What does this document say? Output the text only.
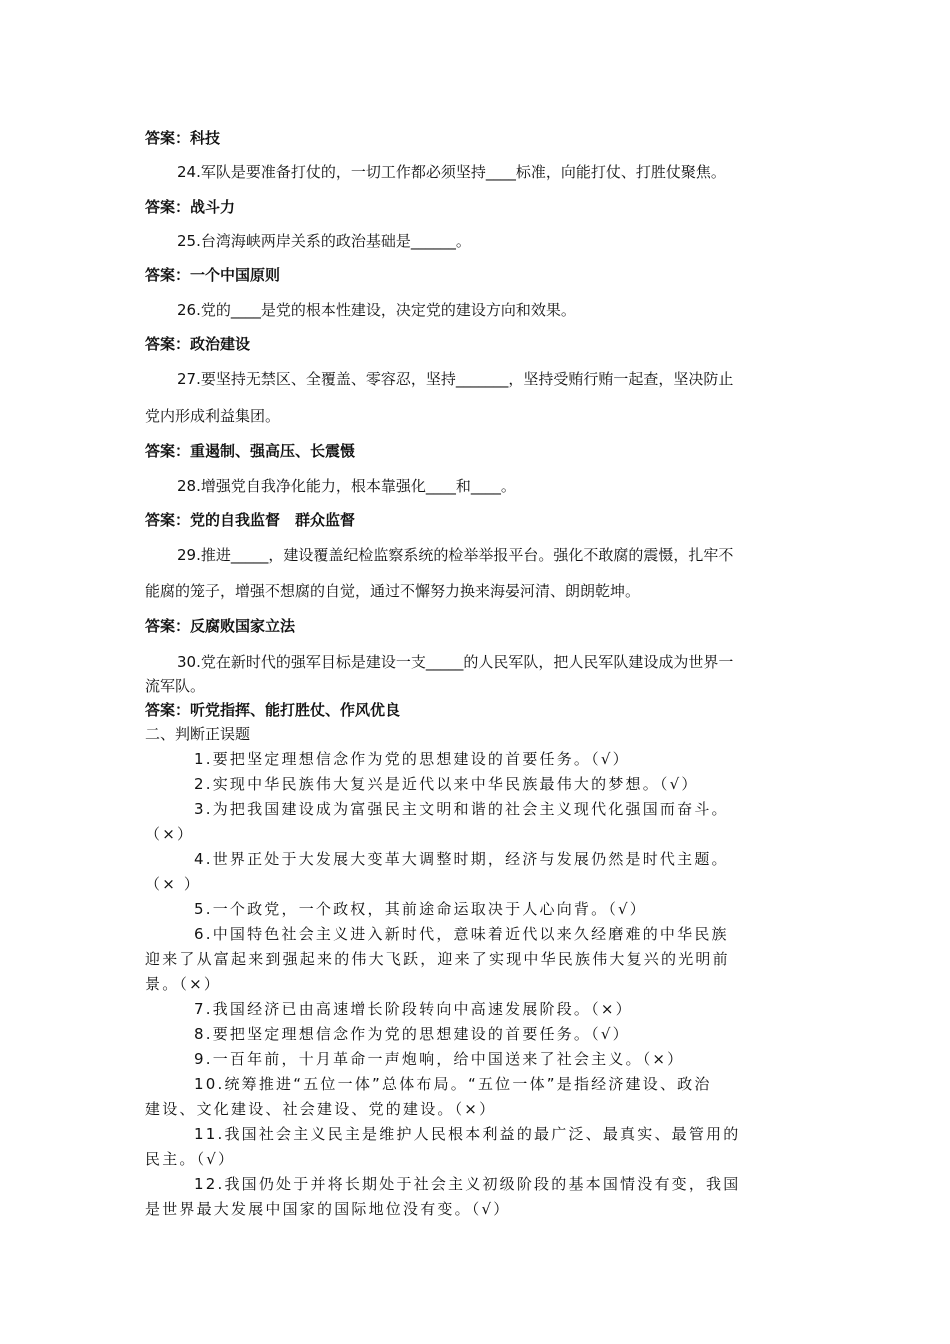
答案：科技
24.军队是要准备打仗的，一切工作都必须坚持____标准，向能打仗、打胜仗聚焦。
答案：战斗力
25.台湾海峡两岸关系的政治基础是______。
答案：一个中国原则
26.党的____是党的根本性建设，决定党的建设方向和效果。
答案：政治建设
27.要坚持无禁区、全覆盖、零容忍，坚持_______，坚持受贿行贿一起查，坚决防止
党内形成利益集团。
答案：重遏制、强高压、长震慑
28.增强党自我净化能力，根本靠强化____和____。
答案：党的自我监督　群众监督
29.推进_____，建设覆盖纪检监察系统的检举举报平台。强化不敢腐的震慑，扎牢不
能腐的笼子，增强不想腐的自觉，通过不懈努力换来海晏河清、朗朗乾坤。
答案：反腐败国家立法
30.党在新时代的强军目标是建设一支_____的人民军队，把人民军队建设成为世界一
流军队。
答案：听党指挥、能打胜仗、作风优良
二、判断正误题
1.要把坚定理想信念作为党的思想建设的首要任务。（√）
2.实现中华民族伟大复兴是近代以来中华民族最伟大的梦想。（√）
3.为把我国建设成为富强民主文明和谐的社会主义现代化强国而奋斗。
（×）
4.世界正处于大发展大变革大调整时期，经济与发展仍然是时代主题。
（× ）
5.一个政党，一个政权，其前途命运取决于人心向背。（√）
6.中国特色社会主义进入新时代，意味着近代以来久经磨难的中华民族
迎来了从富起来到强起来的伟大飞跃，迎来了实现中华民族伟大复兴的光明前
景。（×）
7.我国经济已由高速增长阶段转向中高速发展阶段。（×）
8.要把坚定理想信念作为党的思想建设的首要任务。（√）
9.一百年前，十月革命一声炮响，给中国送来了社会主义。（×）
10.统筹推进“五位一体”总体布局。“五位一体”是指经济建设、政治
建设、文化建设、社会建设、党的建设。（×）
11.我国社会主义民主是维护人民根本利益的最广泛、最真实、最管用的
民主。（√）
12.我国仍处于并将长期处于社会主义初级阶段的基本国情没有变，我国
是世界最大发展中国家的国际地位没有变。（√）
